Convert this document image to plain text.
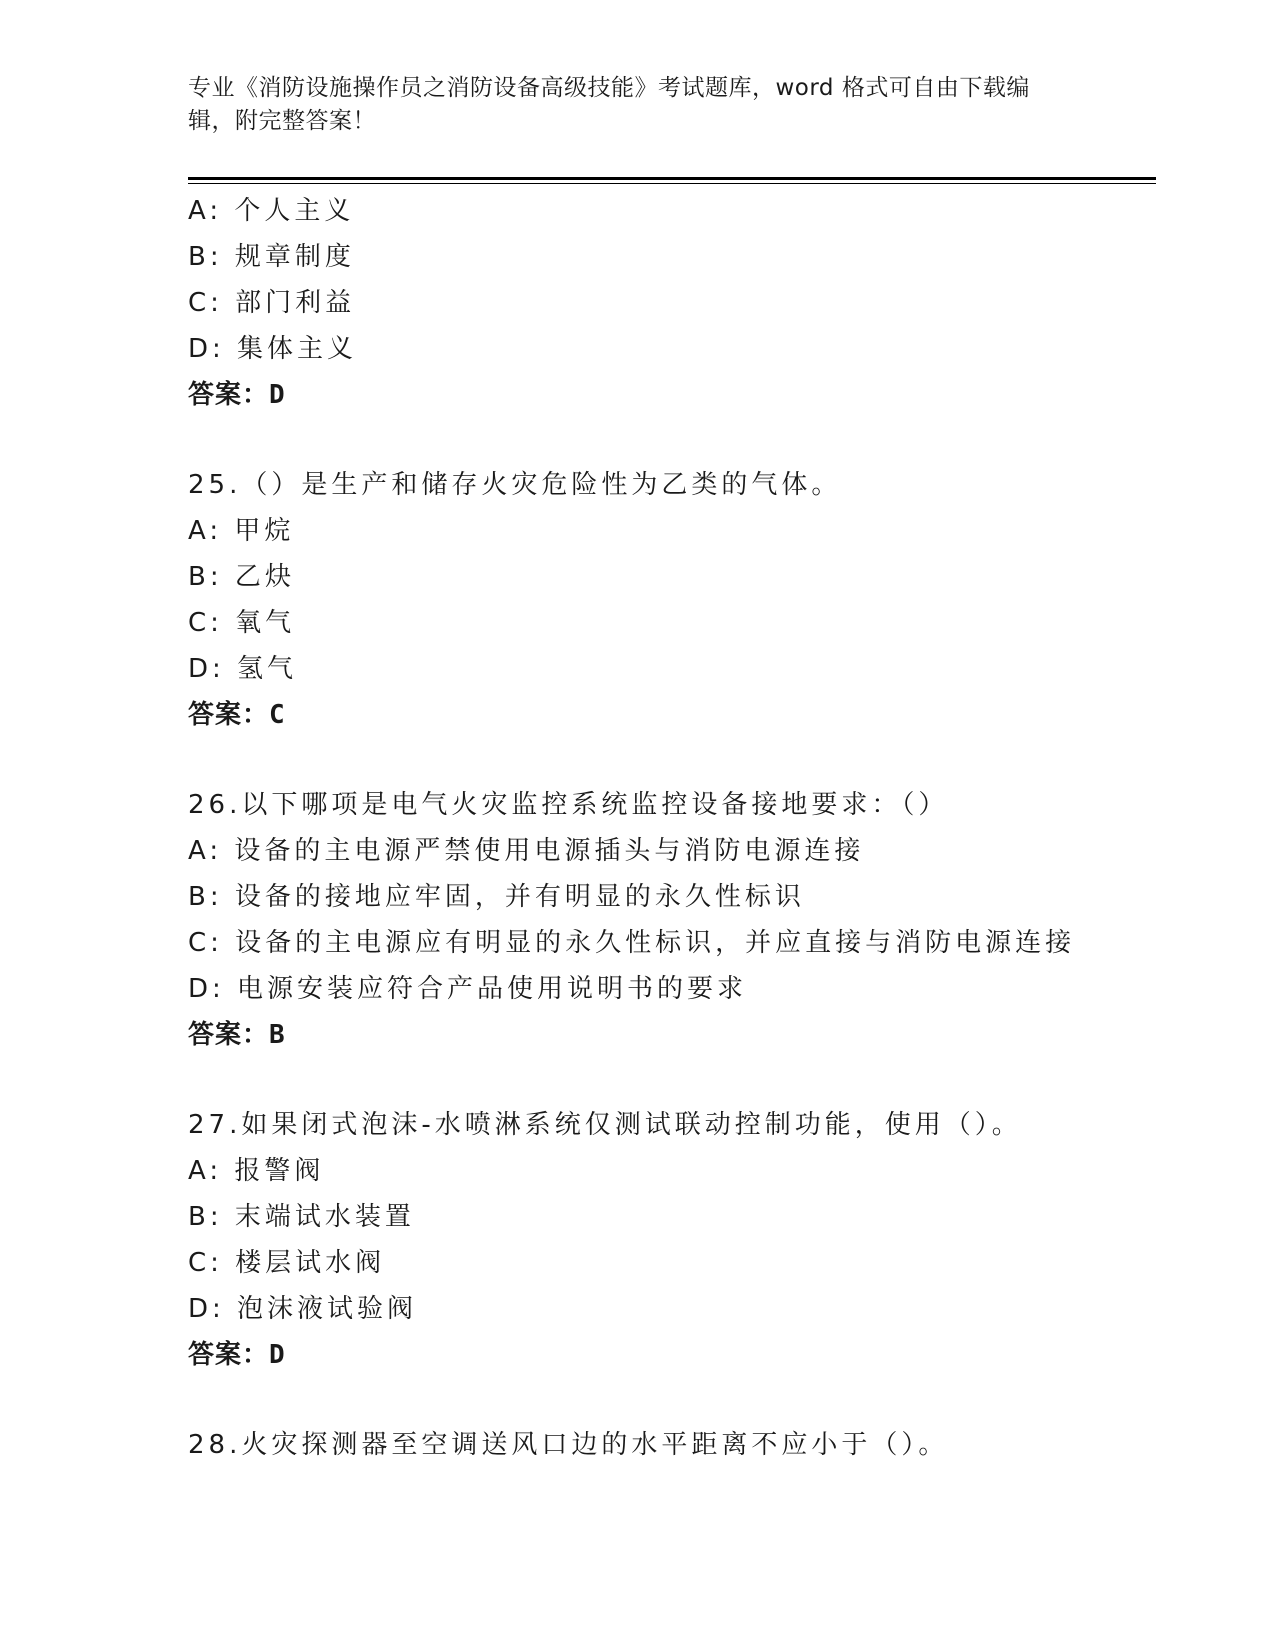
专业《消防设施操作员之消防设备高级技能》考试题库，word 格式可自由下载编
辑，附完整答案！
A: 个人主义
B: 规章制度
C: 部门利益
D: 集体主义
答案：D
25.（）是生产和储存火灾危险性为乙类的气体。
A: 甲烷
B: 乙炔
C: 氧气
D: 氢气
答案：C
26.以下哪项是电气火灾监控系统监控设备接地要求：（）
A: 设备的主电源严禁使用电源插头与消防电源连接
B: 设备的接地应牢固，并有明显的永久性标识
C: 设备的主电源应有明显的永久性标识，并应直接与消防电源连接
D: 电源安装应符合产品使用说明书的要求
答案：B
27.如果闭式泡沫-水喷淋系统仅测试联动控制功能，使用（）。
A: 报警阀
B: 末端试水装置
C: 楼层试水阀
D: 泡沫液试验阀
答案：D
28.火灾探测器至空调送风口边的水平距离不应小于（）。
